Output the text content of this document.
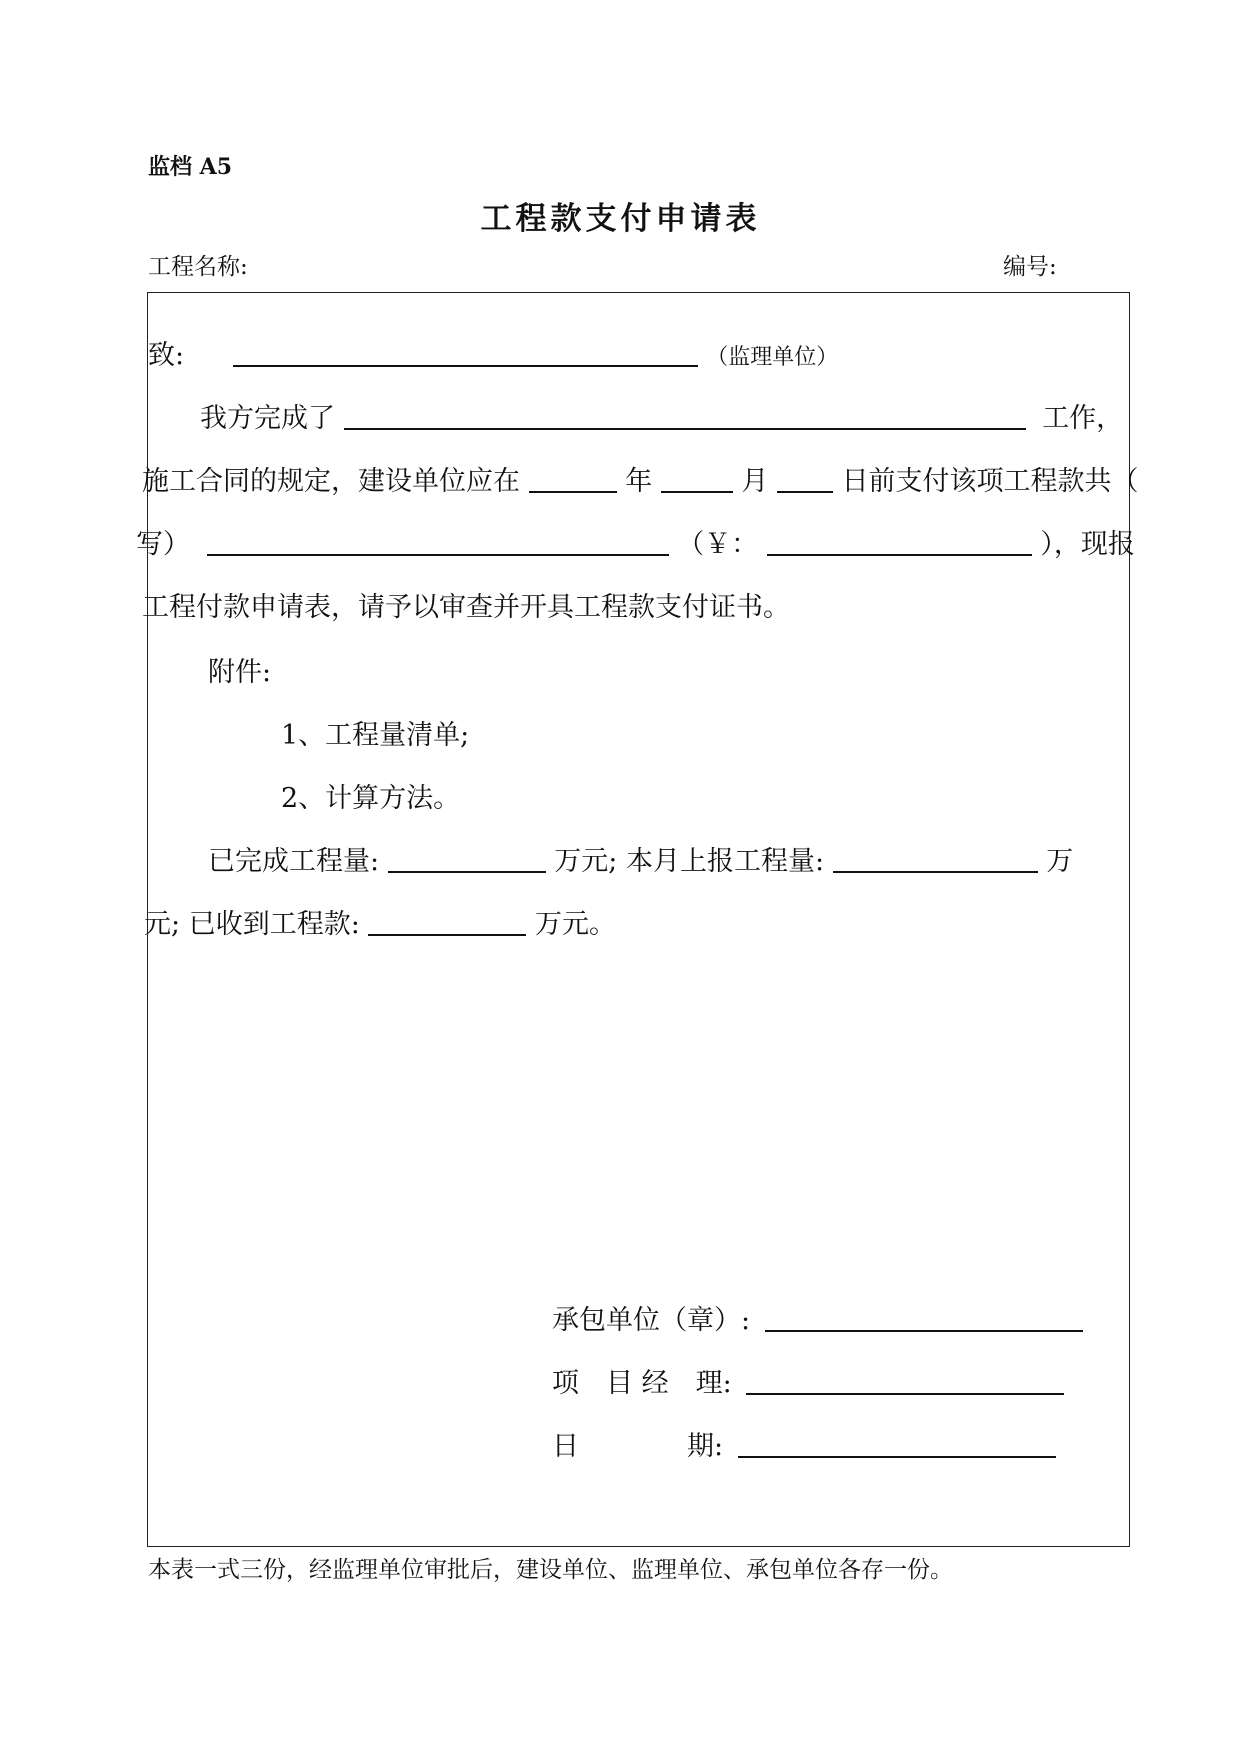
监档 A5
工程款支付申请表
工程名称:	编号:
致:	（监理单位）
我方完成了	工作，
施工合同的规定，建设单位应在	年	月	日前支付该项工程款共（
写）	（￥：	），现报
工程付款申请表，请予以审查并开具工程款支付证书。
附件:
1、工程量清单;
2、计算方法。
已完成工程量:	万元; 本月上报工程量:	万
元; 已收到工程款:	万元。
承包单位（章）:
项　目 经　理:
日　　　　期:
本表一式三份，经监理单位审批后，建设单位、监理单位、承包单位各存一份。
